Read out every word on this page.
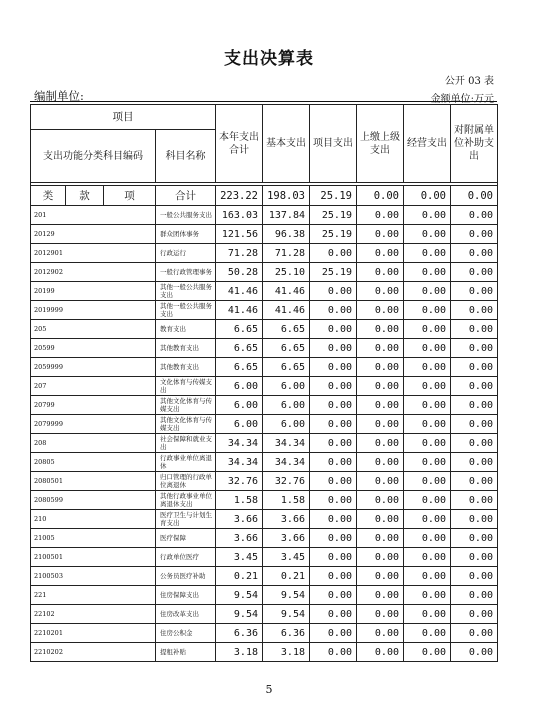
支出决算表
公开 03 表
编制单位:	金额单位:万元
项目				本年支出合计	基本支出	项目支出	上缴上级支出	经营支出	对附属单位补助支出
支出功能分类科目编码			科目名称						

类	款	项	合计	223.22	198.03	25.19	0.00	0.00	0.00
201			一般公共服务支出	163.03	137.84	25.19	0.00	0.00	0.00
20129			群众团体事务	121.56	96.38	25.19	0.00	0.00	0.00
2012901			行政运行	71.28	71.28	0.00	0.00	0.00	0.00
2012902			一般行政管理事务	50.28	25.10	25.19	0.00	0.00	0.00
20199			其他一般公共服务支出	41.46	41.46	0.00	0.00	0.00	0.00
2019999			其他一般公共服务支出	41.46	41.46	0.00	0.00	0.00	0.00
205			教育支出	6.65	6.65	0.00	0.00	0.00	0.00
20599			其他教育支出	6.65	6.65	0.00	0.00	0.00	0.00
2059999			其他教育支出	6.65	6.65	0.00	0.00	0.00	0.00
207			文化体育与传媒支出	6.00	6.00	0.00	0.00	0.00	0.00
20799			其他文化体育与传媒支出	6.00	6.00	0.00	0.00	0.00	0.00
2079999			其他文化体育与传媒支出	6.00	6.00	0.00	0.00	0.00	0.00
208			社会保障和就业支出	34.34	34.34	0.00	0.00	0.00	0.00
20805			行政事业单位离退休	34.34	34.34	0.00	0.00	0.00	0.00
2080501			归口管理的行政单位离退休	32.76	32.76	0.00	0.00	0.00	0.00
2080599			其他行政事业单位离退休支出	1.58	1.58	0.00	0.00	0.00	0.00
210			医疗卫生与计划生育支出	3.66	3.66	0.00	0.00	0.00	0.00
21005			医疗保障	3.66	3.66	0.00	0.00	0.00	0.00
2100501			行政单位医疗	3.45	3.45	0.00	0.00	0.00	0.00
2100503			公务员医疗补助	0.21	0.21	0.00	0.00	0.00	0.00
221			住房保障支出	9.54	9.54	0.00	0.00	0.00	0.00
22102			住房改革支出	9.54	9.54	0.00	0.00	0.00	0.00
2210201			住房公积金	6.36	6.36	0.00	0.00	0.00	0.00
2210202			提租补贴	3.18	3.18	0.00	0.00	0.00	0.00
5
